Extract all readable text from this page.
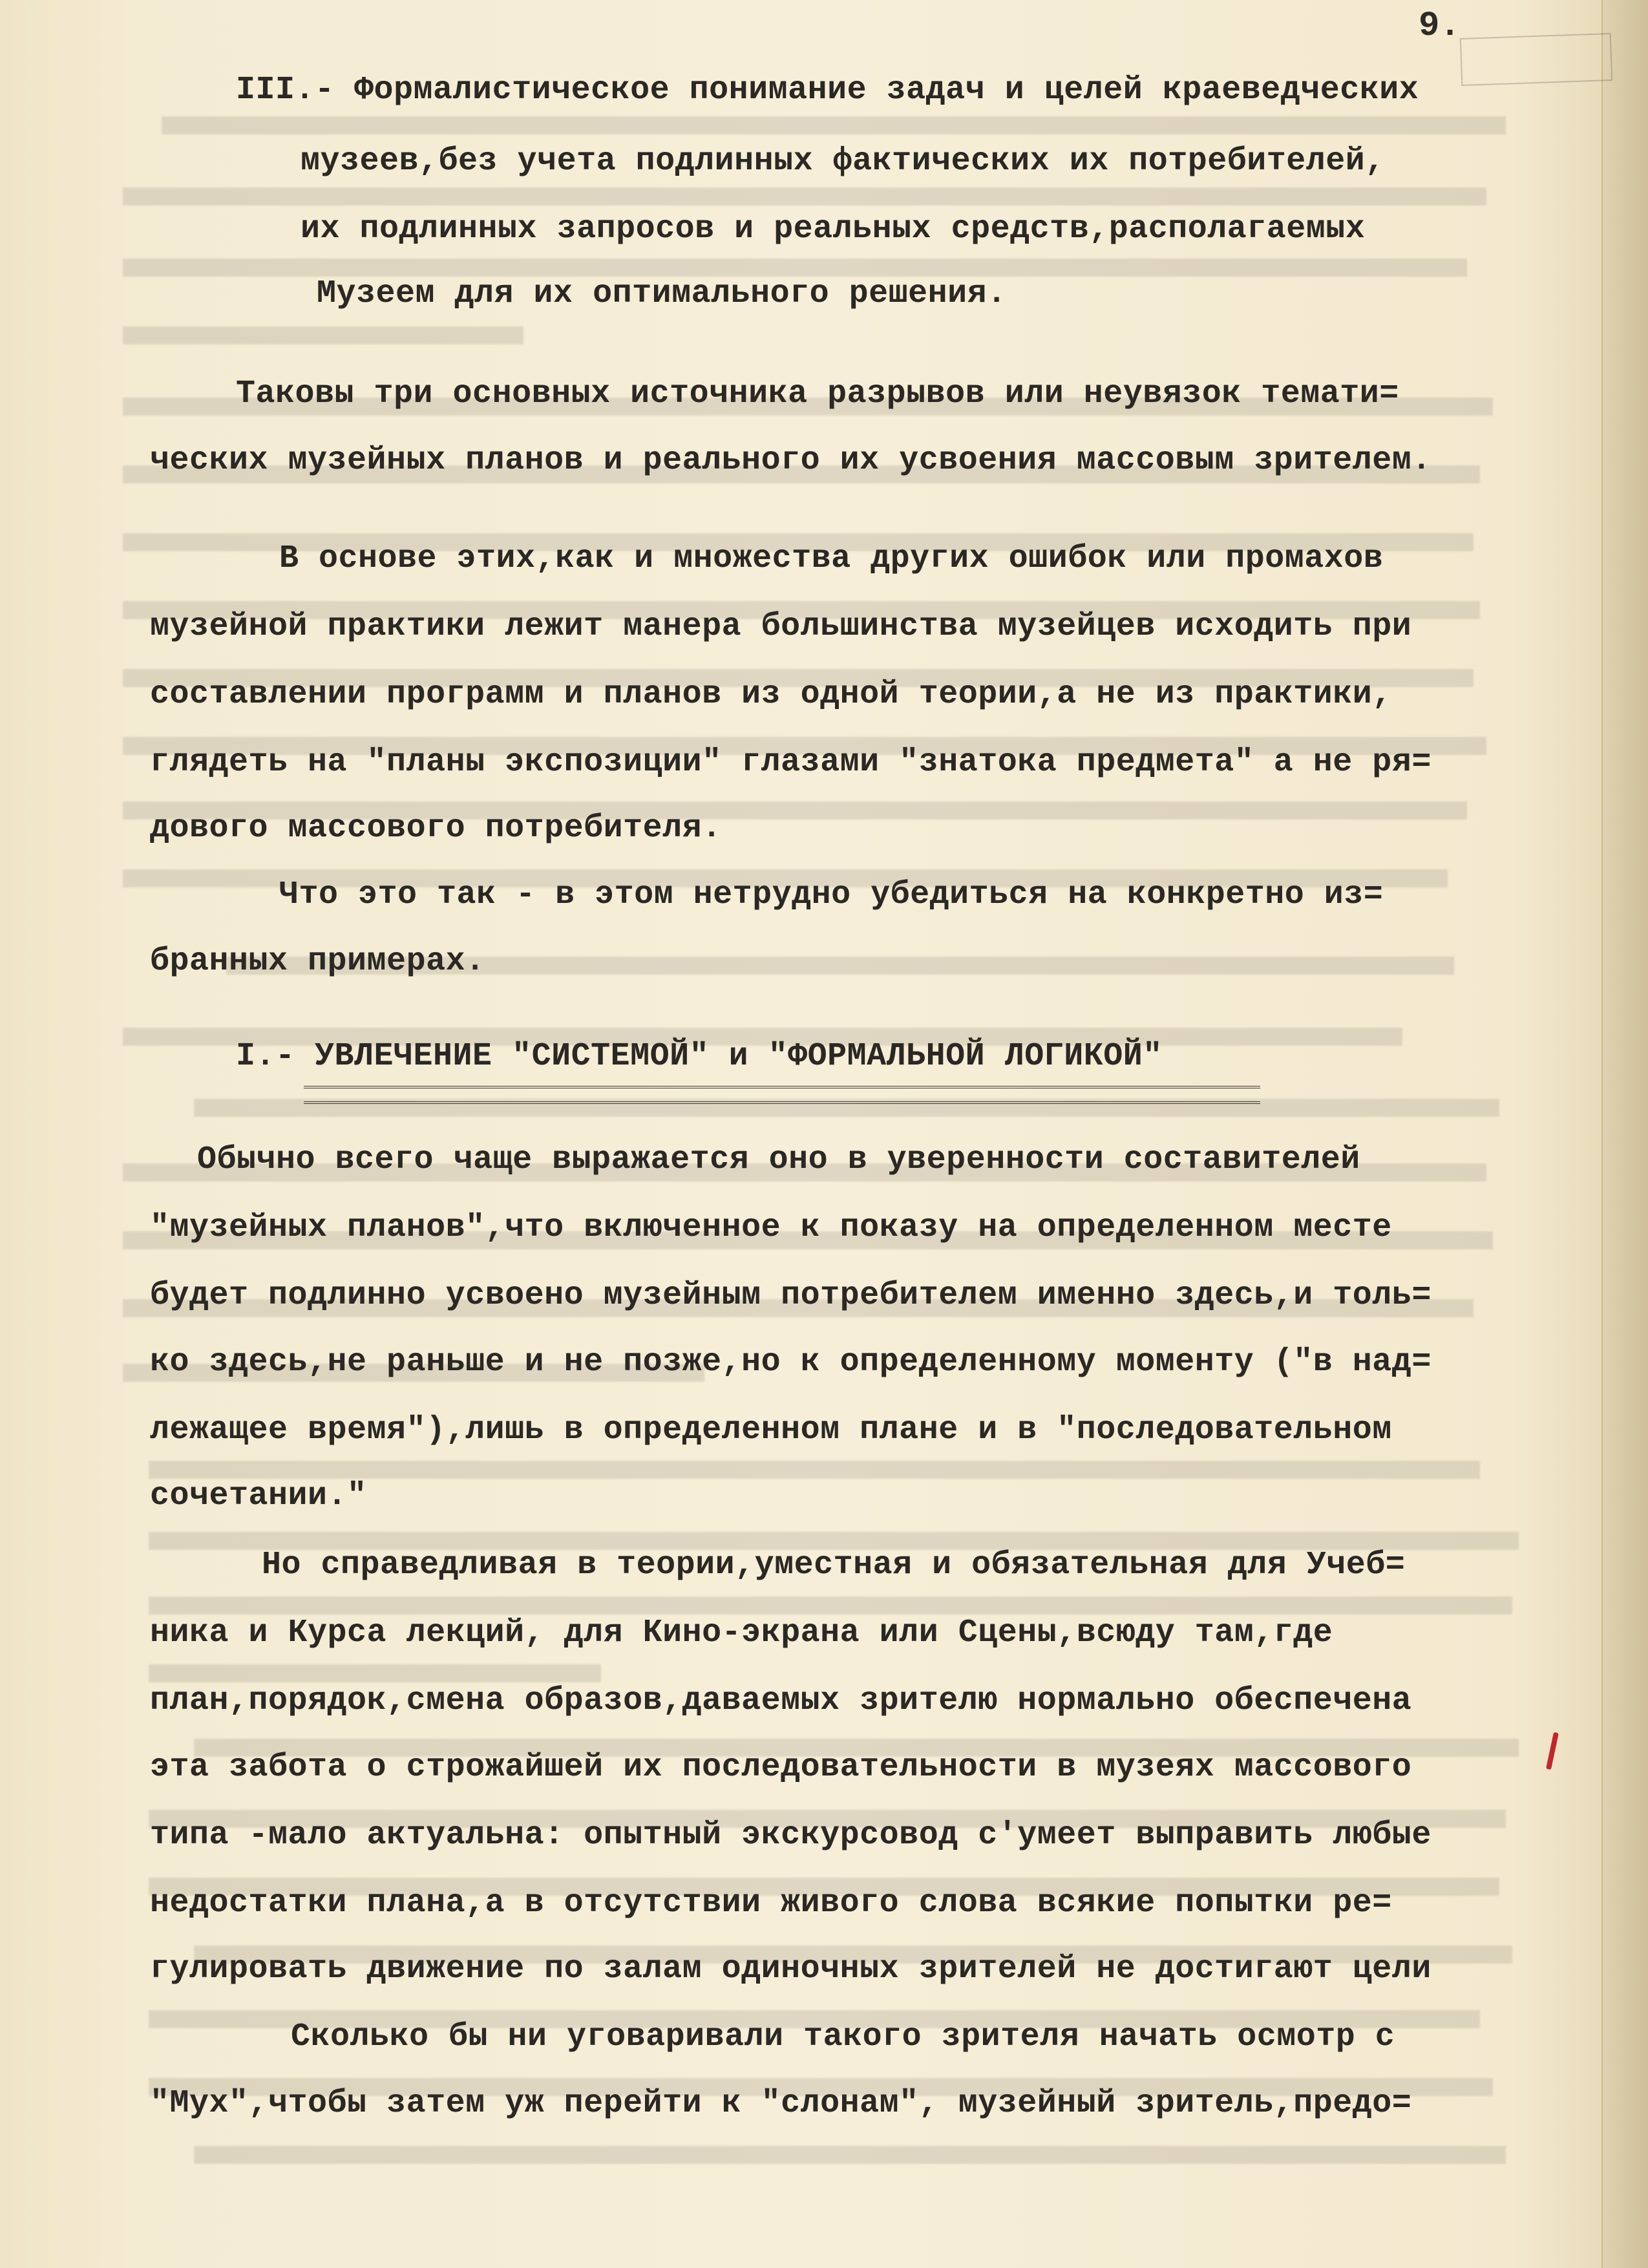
9.
III.- Формалистическое понимание задач и целей краеведческих
музеев,без учета подлинных фактических их потребителей,
их подлинных запросов и реальных средств,располагаемых
Музеем для их оптимального решения.
Таковы три основных источника разрывов или неувязок темати=
ческих музейных планов и реального их усвоения массовым зрителем.
В основе этих,как и множества других ошибок или промахов
музейной практики лежит манера большинства музейцев исходить при
составлении программ и планов из одной теории,а не из практики,
глядеть на "планы экспозиции" глазами "знатока предмета" а не ря=
дового массового потребителя.
Что это так - в этом нетрудно убедиться на конкретно из=
бранных примерах.
I.- УВЛЕЧЕНИЕ "СИСТЕМОЙ" и "ФОРМАЛЬНОЙ ЛОГИКОЙ"
Обычно всего чаще выражается оно в уверенности составителей
"музейных планов",что включенное к показу на определенном месте
будет подлинно усвоено музейным потребителем именно здесь,и толь=
ко здесь,не раньше и не позже,но к определенному моменту ("в над=
лежащее время"),лишь в определенном плане и в "последовательном
сочетании."
Но справедливая в теории,уместная и обязательная для Учеб=
ника и Курса лекций, для Кино-экрана или Сцены,всюду там,где
план,порядок,смена образов,даваемых зрителю нормально обеспечена
эта забота о строжайшей их последовательности в музеях массового
типа -мало актуальна: опытный экскурсовод с'умеет выправить любые
недостатки плана,а в отсутствии живого слова всякие попытки ре=
гулировать движение по залам одиночных зрителей не достигают цели
Сколько бы ни уговаривали такого зрителя начать осмотр с
"Мух",чтобы затем уж перейти к "слонам", музейный зритель,предо=
